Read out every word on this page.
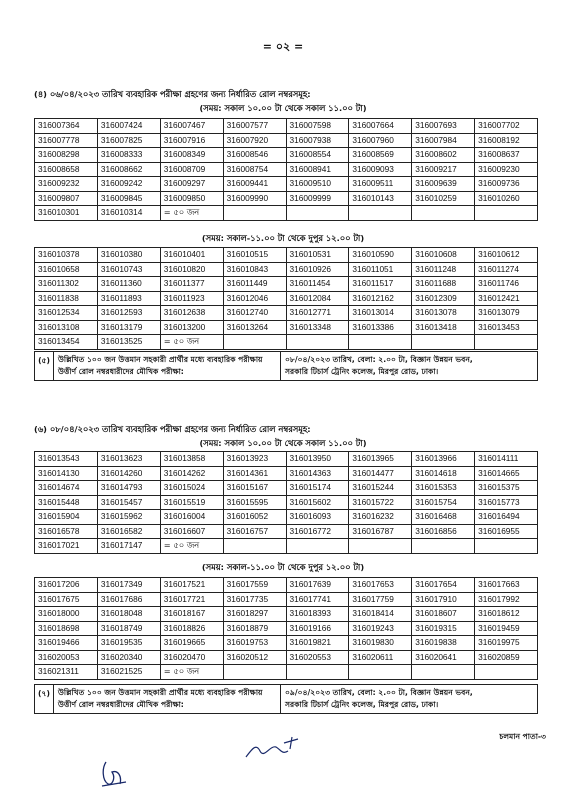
= ০২ =
(৪) ০৬/০৪/২০২৩ তারিখ ব্যবহারিক পরীক্ষা গ্রহণের জন্য নির্ধারিত রোল নম্বরসমূহ:
(সময়: সকাল ১০.০০ টা থেকে সকাল ১১.০০ টা)
316007364	316007424	316007467	316007577	316007598	316007664	316007693	316007702
316007778	316007825	316007916	316007920	316007938	316007960	316007984	316008192
316008298	316008333	316008349	316008546	316008554	316008569	316008602	316008637
316008658	316008662	316008709	316008754	316008941	316009093	316009217	316009230
316009232	316009242	316009297	316009441	316009510	316009511	316009639	316009736
316009807	316009845	316009850	316009990	316009999	316010143	316010259	316010260
316010301	316010314	= ৫০ জন					
(সময়: সকাল-১১.০০ টা থেকে দুপুর ১২.০০ টা)
316010378	316010380	316010401	316010515	316010531	316010590	316010608	316010612
316010658	316010743	316010820	316010843	316010926	316011051	316011248	316011274
316011302	316011360	316011377	316011449	316011454	316011517	316011688	316011746
316011838	316011893	316011923	316012046	316012084	316012162	316012309	316012421
316012534	316012593	316012638	316012740	316012771	316013014	316013078	316013079
316013108	316013179	316013200	316013264	316013348	316013386	316013418	316013453
316013454	316013525	= ৫০ জন					
(৫)	উল্লিখিত ১০০ জন উত্তমান সহকারী প্রার্থীর মধ্যে ব্যবহারিক পরীক্ষায় উত্তীর্ণ রোল নম্বরধারীদের মৌখিক পরীক্ষা:	
০৮/০৪/২০২৩ তারিখ, বেলা: ২.০০ টা, বিজ্ঞান উন্নয়ন ভবন,
সরকারি টিচার্স ট্রেনিং কলেজ, মিরপুর রোড, ঢাকা।
(৬) ০৮/০৪/২০২৩ তারিখ ব্যবহারিক পরীক্ষা গ্রহণের জন্য নির্ধারিত রোল নম্বরসমূহ:
(সময়: সকাল ১০.০০ টা থেকে সকাল ১১.০০ টা)
316013543	316013623	316013858	316013923	316013950	316013965	316013966	316014111
316014130	316014260	316014262	316014361	316014363	316014477	316014618	316014665
316014674	316014793	316015024	316015167	316015174	316015244	316015353	316015375
316015448	316015457	316015519	316015595	316015602	316015722	316015754	316015773
316015904	316015962	316016004	316016052	316016093	316016232	316016468	316016494
316016578	316016582	316016607	316016757	316016772	316016787	316016856	316016955
316017021	316017147	= ৫০ জন					
(সময়: সকাল-১১.০০ টা থেকে দুপুর ১২.০০ টা)
316017206	316017349	316017521	316017559	316017639	316017653	316017654	316017663
316017675	316017686	316017721	316017735	316017741	316017759	316017910	316017992
316018000	316018048	316018167	316018297	316018393	316018414	316018607	316018612
316018698	316018749	316018826	316018879	316019166	316019243	316019315	316019459
316019466	316019535	316019665	316019753	316019821	316019830	316019838	316019975
316020053	316020340	316020470	316020512	316020553	316020611	316020641	316020859
316021311	316021525	= ৫০ জন					
(৭)	উল্লিখিত ১০০ জন উত্তমান সহকারী প্রার্থীর মধ্যে ব্যবহারিক পরীক্ষায় উত্তীর্ণ রোল নম্বরধারীদের মৌখিক পরীক্ষা:	
০৯/০৪/২০২৩ তারিখ, বেলা: ২.০০ টা, বিজ্ঞান উন্নয়ন ভবন,
সরকারি টিচার্স ট্রেনিং কলেজ, মিরপুর রোড, ঢাকা।
চলমান পাতা-৩
